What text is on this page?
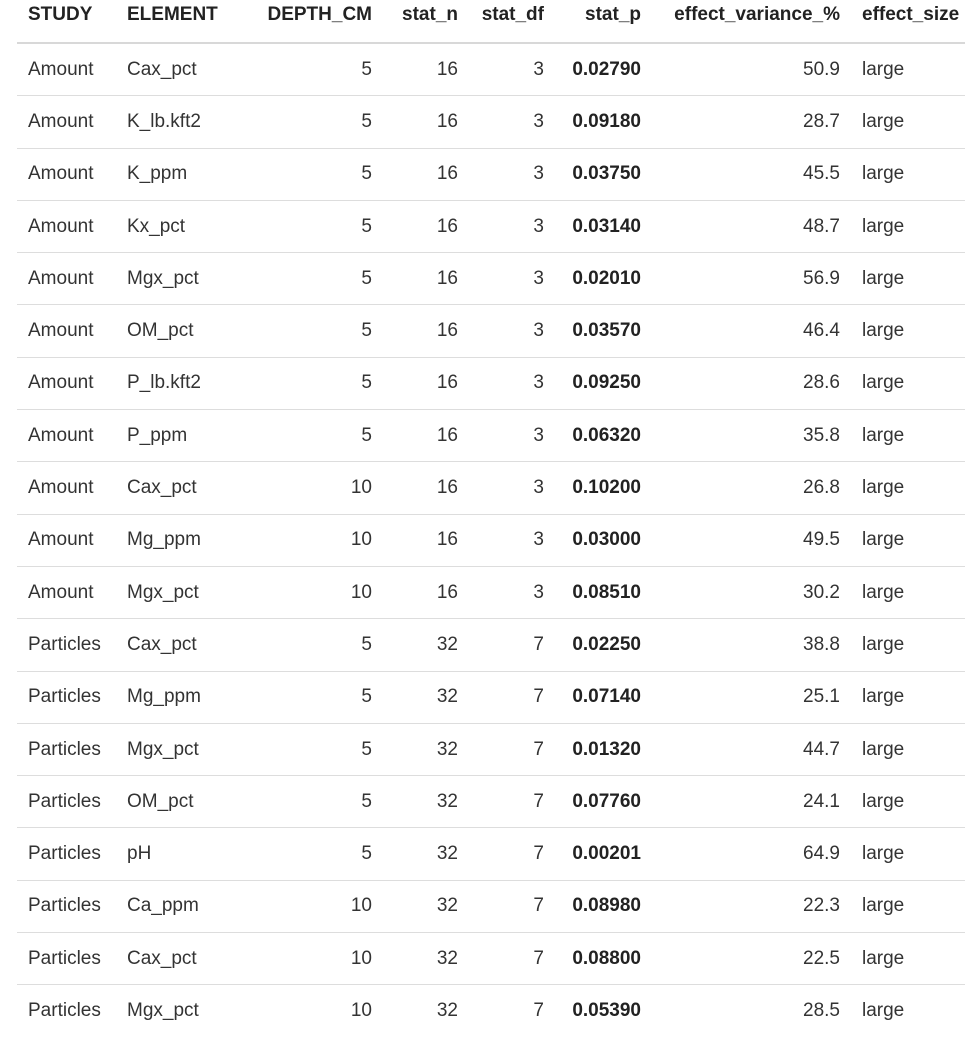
STUDY	ELEMENT	DEPTH_CM	stat_n	stat_df	stat_p	effect_variance_%	effect_size
Amount	Cax_pct	5	16	3	0.02790	50.9	large
Amount	K_lb.kft2	5	16	3	0.09180	28.7	large
Amount	K_ppm	5	16	3	0.03750	45.5	large
Amount	Kx_pct	5	16	3	0.03140	48.7	large
Amount	Mgx_pct	5	16	3	0.02010	56.9	large
Amount	OM_pct	5	16	3	0.03570	46.4	large
Amount	P_lb.kft2	5	16	3	0.09250	28.6	large
Amount	P_ppm	5	16	3	0.06320	35.8	large
Amount	Cax_pct	10	16	3	0.10200	26.8	large
Amount	Mg_ppm	10	16	3	0.03000	49.5	large
Amount	Mgx_pct	10	16	3	0.08510	30.2	large
Particles	Cax_pct	5	32	7	0.02250	38.8	large
Particles	Mg_ppm	5	32	7	0.07140	25.1	large
Particles	Mgx_pct	5	32	7	0.01320	44.7	large
Particles	OM_pct	5	32	7	0.07760	24.1	large
Particles	pH	5	32	7	0.00201	64.9	large
Particles	Ca_ppm	10	32	7	0.08980	22.3	large
Particles	Cax_pct	10	32	7	0.08800	22.5	large
Particles	Mgx_pct	10	32	7	0.05390	28.5	large
